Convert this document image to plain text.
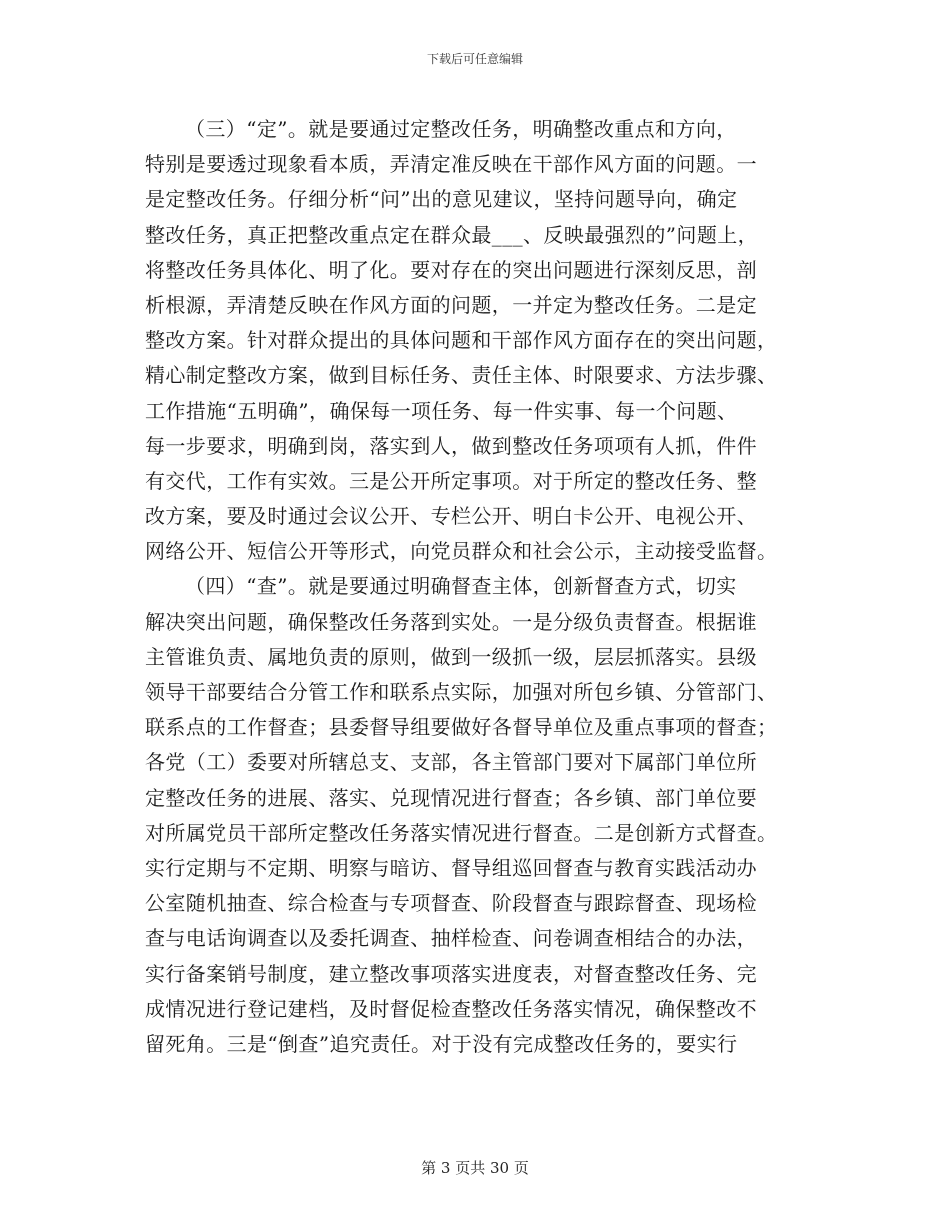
下载后可任意编辑
（三）“定”。就是要通过定整改任务，明确整改重点和方向，
特别是要透过现象看本质，弄清定准反映在干部作风方面的问题。一
是定整改任务。仔细分析“问”出的意见建议，坚持问题导向，确定
整改任务，真正把整改重点定在群众最___、反映最强烈的”问题上，
将整改任务具体化、明了化。要对存在的突出问题进行深刻反思，剖
析根源，弄清楚反映在作风方面的问题，一并定为整改任务。二是定
整改方案。针对群众提出的具体问题和干部作风方面存在的突出问题，
精心制定整改方案，做到目标任务、责任主体、时限要求、方法步骤、
工作措施“五明确”，确保每一项任务、每一件实事、每一个问题、
每一步要求，明确到岗，落实到人，做到整改任务项项有人抓，件件
有交代，工作有实效。三是公开所定事项。对于所定的整改任务、整
改方案，要及时通过会议公开、专栏公开、明白卡公开、电视公开、
网络公开、短信公开等形式，向党员群众和社会公示，主动接受监督。
（四）“查”。就是要通过明确督查主体，创新督查方式，切实
解决突出问题，确保整改任务落到实处。一是分级负责督查。根据谁
主管谁负责、属地负责的原则，做到一级抓一级，层层抓落实。县级
领导干部要结合分管工作和联系点实际，加强对所包乡镇、分管部门、
联系点的工作督查；县委督导组要做好各督导单位及重点事项的督查；
各党（工）委要对所辖总支、支部，各主管部门要对下属部门单位所
定整改任务的进展、落实、兑现情况进行督查；各乡镇、部门单位要
对所属党员干部所定整改任务落实情况进行督查。二是创新方式督查。
实行定期与不定期、明察与暗访、督导组巡回督查与教育实践活动办
公室随机抽查、综合检查与专项督查、阶段督查与跟踪督查、现场检
查与电话询调查以及委托调查、抽样检查、问卷调查相结合的办法，
实行备案销号制度，建立整改事项落实进度表，对督查整改任务、完
成情况进行登记建档，及时督促检查整改任务落实情况，确保整改不
留死角。三是“倒查”追究责任。对于没有完成整改任务的，要实行
第 3 页共 30 页
